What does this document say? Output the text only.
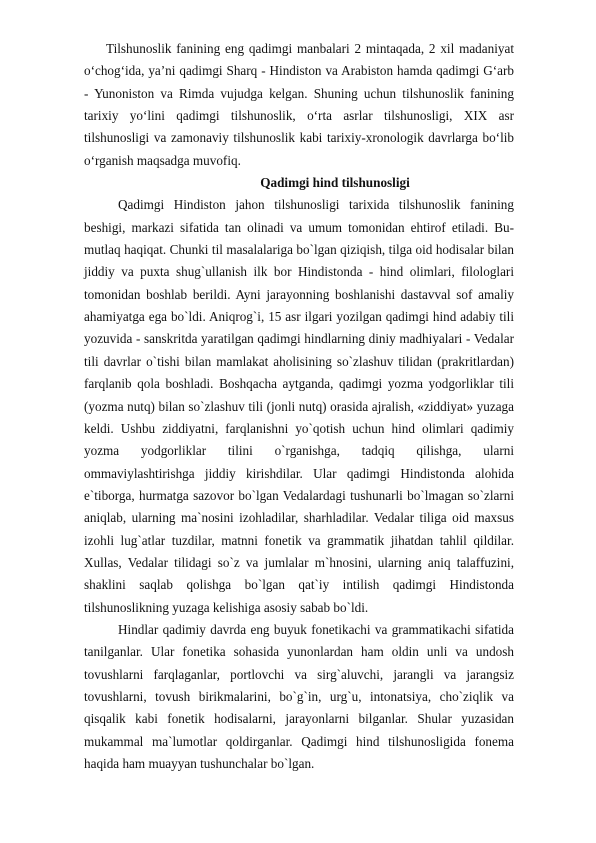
Tilshunoslik fanining eng qadimgi manbalari 2 mintaqada, 2 xil madaniyat o‘chog‘ida, ya’ni qadimgi Sharq - Hindiston va Arabiston hamda qadimgi G‘arb - Yunoniston va Rimda vujudga kelgan. Shuning uchun tilshunoslik fanining tarixiy yo‘lini qadimgi tilshunoslik, o‘rta asrlar tilshunosligi, XIX asr tilshunosligi va zamonaviy tilshunoslik kabi tarixiy-xronologik davrlarga bo‘lib o‘rganish maqsadga muvofiq.

Qadimgi hind tilshunosligi

Qadimgi Hindiston jahon tilshunosligi tarixida tilshunoslik fanining beshigi, markazi sifatida tan olinadi va umum tomonidan ehtirof etiladi. Bu-mutlaq haqiqat. Chunki til masalalariga bo`lgan qiziqish, tilga oid hodisalar bilan jiddiy va puxta shug`ullanish ilk bor Hindistonda - hind olimlari, filologlari tomonidan boshlab berildi. Ayni jarayonning boshlanishi dastavval sof amaliy ahamiyatga ega bo`ldi. Aniqrog`i, 15 asr ilgari yozilgan qadimgi hind adabiy tili yozuvida - sanskritda yaratilgan qadimgi hindlarning diniy madhiyalari - Vedalar tili davrlar o`tishi bilan mamlakat aholisining so`zlashuv tilidan (prakritlardan) farqlanib qola boshladi. Boshqacha aytganda, qadimgi yozma yodgorliklar tili (yozma nutq) bilan so`zlashuv tili (jonli nutq) orasida ajralish, «ziddiyat» yuzaga keldi. Ushbu ziddiyatni, farqlanishni yo`qotish uchun hind olimlari qadimiy yozma yodgorliklar tilini o`rganishga, tadqiq qilishga, ularni ommaviylashtirishga jiddiy kirishdilar. Ular qadimgi Hindistonda alohida e`tiborga, hurmatga sazovor bo`lgan Vedalardagi tushunarli bo`lmagan so`zlarni aniqlab, ularning ma`nosini izohladilar, sharhladilar. Vedalar tiliga oid maxsus izohli lug`atlar tuzdilar, matnni fonetik va grammatik jihatdan tahlil qildilar. Xullas, Vedalar tilidagi so`z va jumlalar m`hnosini, ularning aniq talaffuzini, shaklini saqlab qolishga bo`lgan qat`iy intilish qadimgi Hindistonda tilshunoslikning yuzaga kelishiga asosiy sabab bo`ldi.

Hindlar qadimiy davrda eng buyuk fonetikachi va grammatikachi sifatida tanilganlar. Ular fonetika sohasida yunonlardan ham oldin unli va undosh tovushlarni farqlaganlar, portlovchi va sirg`aluvchi, jarangli va jarangsiz tovushlarni, tovush birikmalarini, bo`g`in, urg`u, intonatsiya, cho`ziqlik va qisqalik kabi fonetik hodisalarni, jarayonlarni bilganlar. Shular yuzasidan mukammal ma`lumotlar qoldirganlar. Qadimgi hind tilshunosligida fonema haqida ham muayyan tushunchalar bo`lgan.
